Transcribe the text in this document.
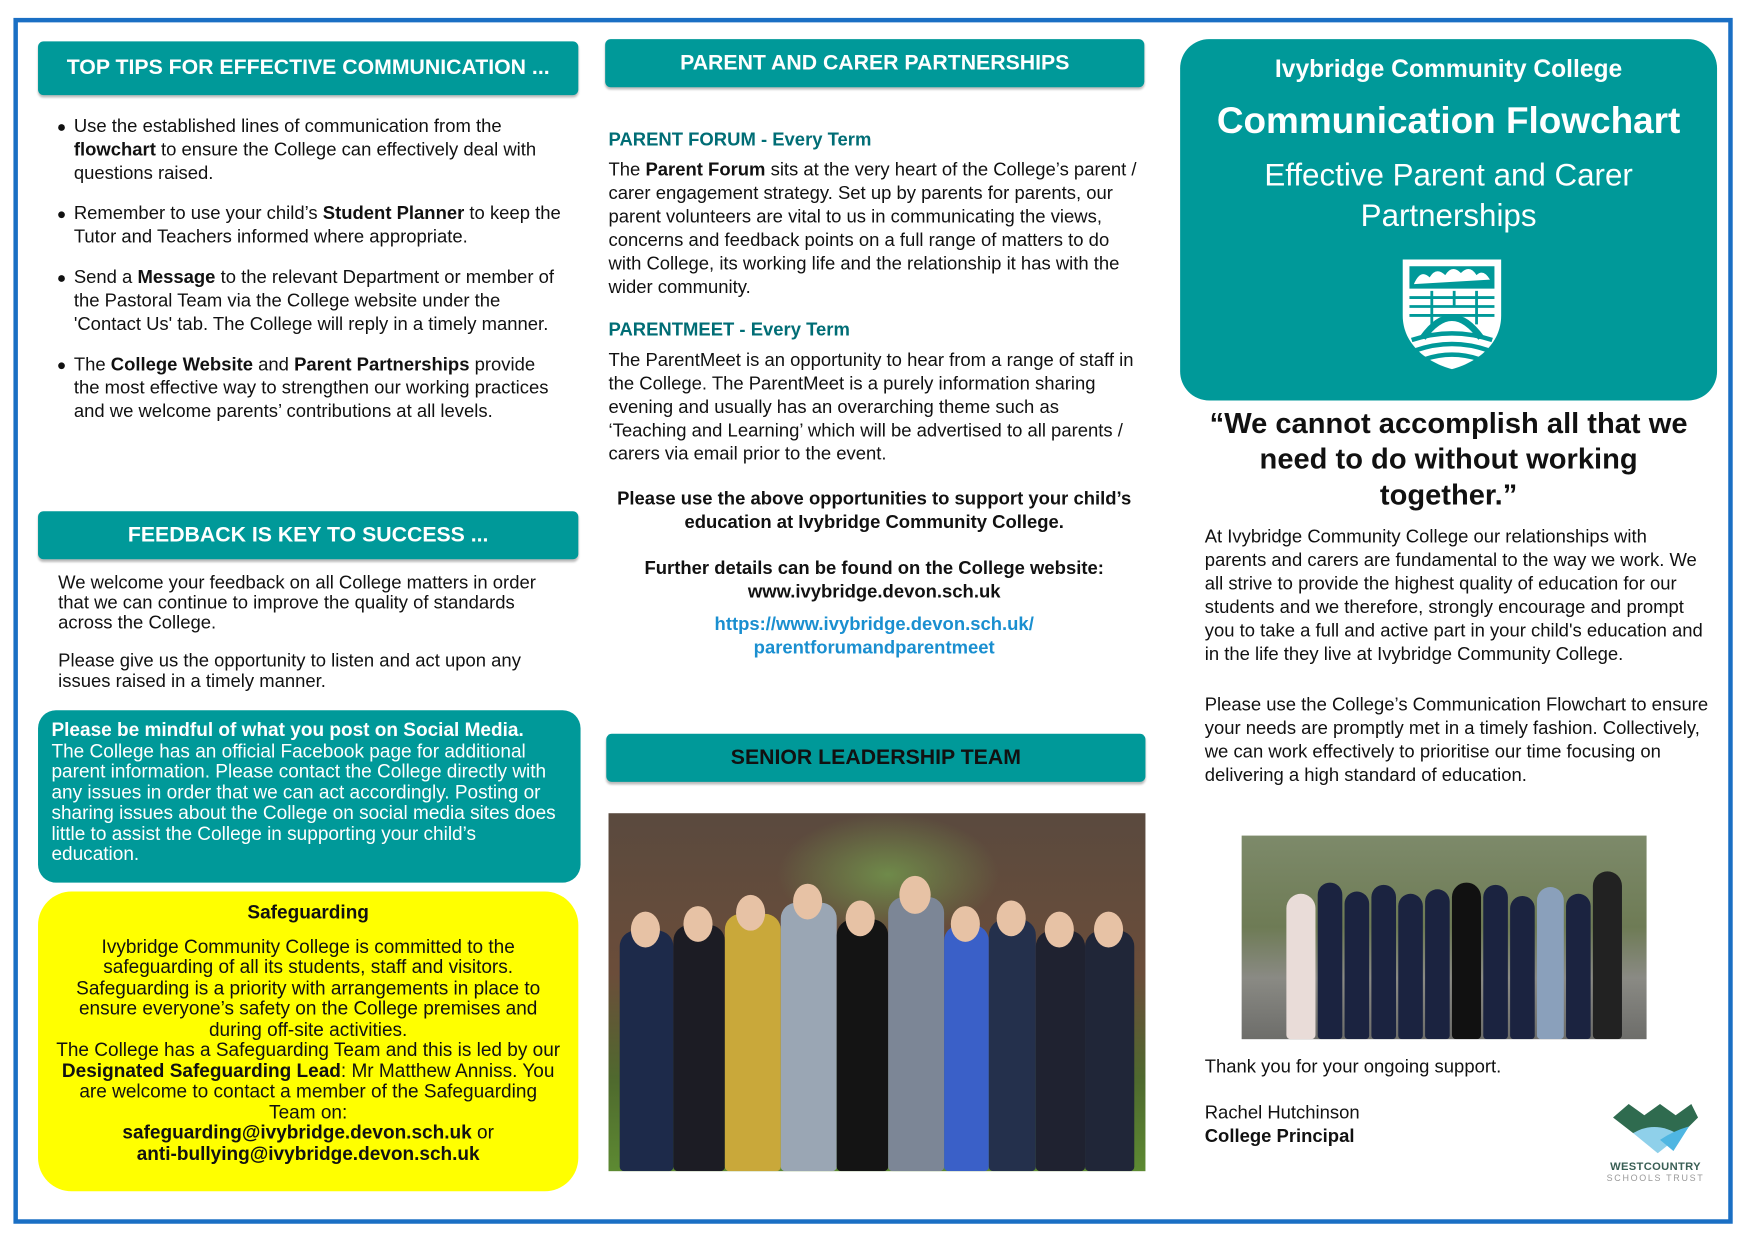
TOP TIPS FOR EFFECTIVE COMMUNICATION ...
Use the established lines of communication from the flowchart to ensure the College can effectively deal with questions raised.
Remember to use your child’s Student Planner to keep the Tutor and Teachers informed where appropriate.
Send a Message to the relevant Department or member of the Pastoral Team via the College website under the 'Contact Us' tab. The College will reply in a timely manner.
The College Website and Parent Partnerships provide the most effective way to strengthen our working practices and we welcome parents’ contributions at all levels.
FEEDBACK IS KEY TO SUCCESS ...
We welcome your feedback on all College matters in order that we can continue to improve the quality of standards across the College.
Please give us the opportunity to listen and act upon any issues raised in a timely manner.
Please be mindful of what you post on Social Media.
The College has an official Facebook page for additional parent information. Please contact the College directly with any issues in order that we can act accordingly. Posting or sharing issues about the College on social media sites does little to assist the College in supporting your child’s education.
Safeguarding
Ivybridge Community College is committed to the safeguarding of all its students, staff and visitors. Safeguarding is a priority with arrangements in place to ensure everyone’s safety on the College premises and during off-site activities.
The College has a Safeguarding Team and this is led by our Designated Safeguarding Lead: Mr Matthew Anniss. You are welcome to contact a member of the Safeguarding Team on:
safeguarding@ivybridge.devon.sch.uk or
anti-bullying@ivybridge.devon.sch.uk
PARENT AND CARER PARTNERSHIPS
PARENT FORUM - Every Term
The Parent Forum sits at the very heart of the College’s parent / carer engagement strategy. Set up by parents for parents, our parent volunteers are vital to us in communicating the views, concerns and feedback points on a full range of matters to do with College, its working life and the relationship it has with the wider community.
PARENTMEET - Every Term
The ParentMeet is an opportunity to hear from a range of staff in the College. The ParentMeet is a purely information sharing evening and usually has an overarching theme such as ‘Teaching and Learning’ which will be advertised to all parents / carers via email prior to the event.
Please use the above opportunities to support your child’s education at Ivybridge Community College.
Further details can be found on the College website:
www.ivybridge.devon.sch.uk
https://www.ivybridge.devon.sch.uk/
parentforumandparentmeet
SENIOR LEADERSHIP TEAM
Ivybridge Community College
Communication Flowchart
Effective Parent and Carer Partnerships
“We cannot accomplish all that we need to do without working together.”
At Ivybridge Community College our relationships with parents and carers are fundamental to the way we work. We all strive to provide the highest quality of education for our students and we therefore, strongly encourage and prompt you to take a full and active part in your child's education and in the life they live at Ivybridge Community College.
Please use the College’s Communication Flowchart to ensure your needs are promptly met in a timely fashion. Collectively, we can work effectively to prioritise our time focusing on delivering a high standard of education.
Thank you for your ongoing support.
Rachel Hutchinson
College Principal
WESTCOUNTRY
SCHOOLS TRUST
